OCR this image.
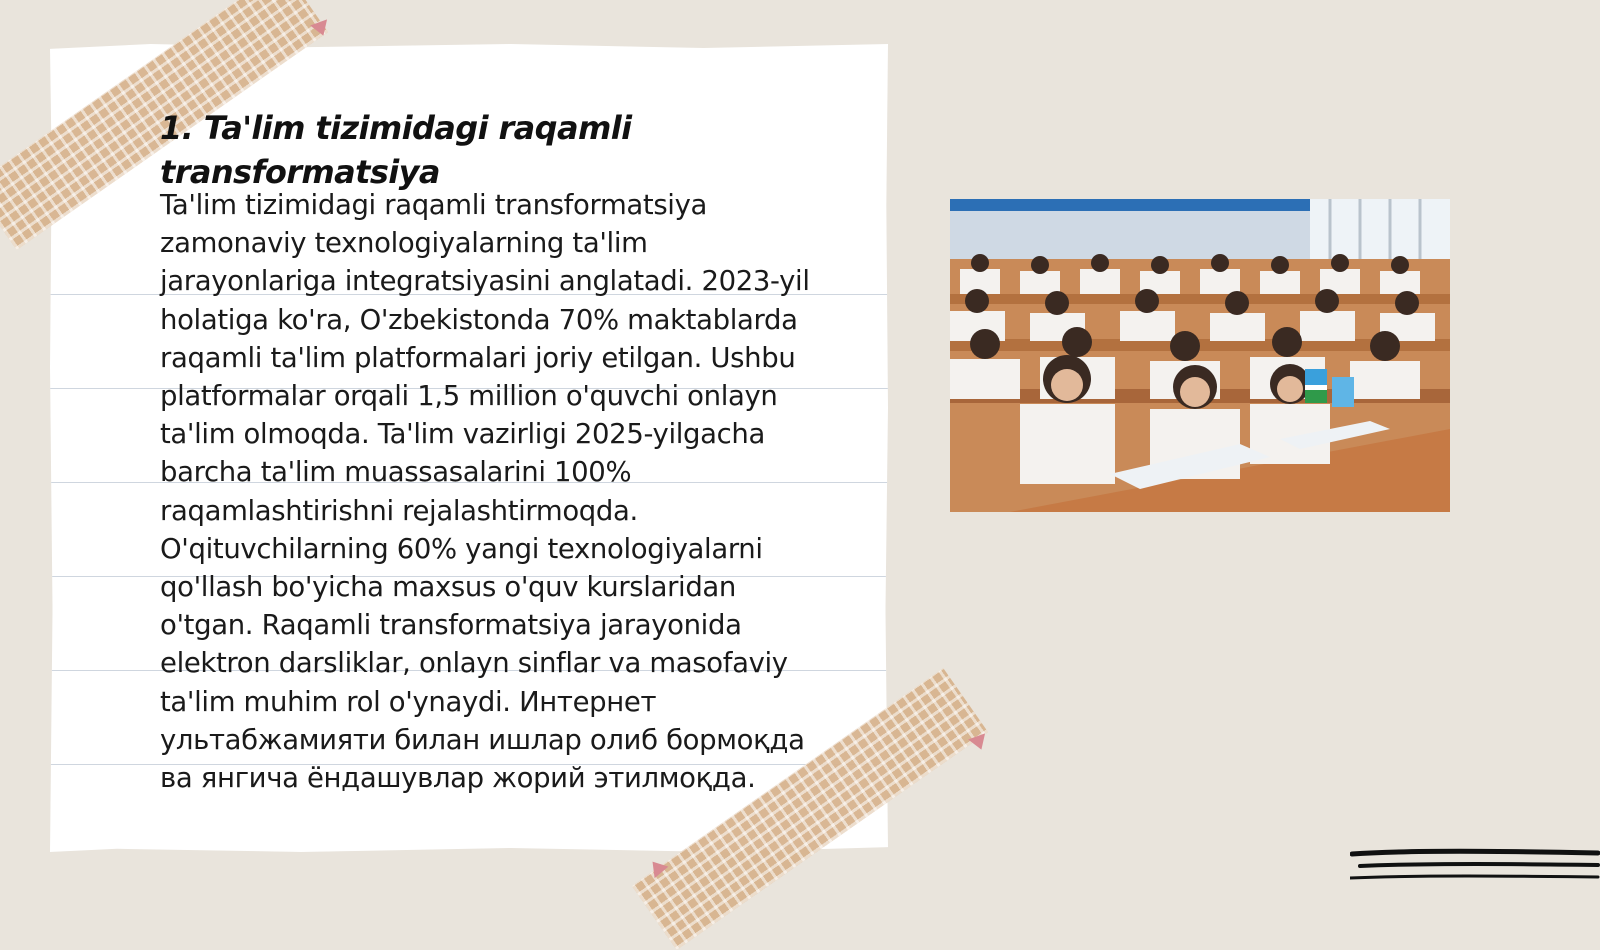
1. Ta'lim tizimidagi raqamli transformatsiya

Ta'lim tizimidagi raqamli transformatsiya zamonaviy texnologiyalarning ta'lim jarayonlariga integratsiyasini anglatadi. 2023-yil holatiga ko'ra, O'zbekistonda 70% maktablarda raqamli ta'lim platformalari joriy etilgan. Ushbu platformalar orqali 1,5 million o'quvchi onlayn ta'lim olmoqda. Ta'lim vazirligi 2025-yilgacha barcha ta'lim muassasalarini 100% raqamlashtirishni rejalashtirmoqda. O'qituvchilarning 60% yangi texnologiyalarni qo'llash bo'yicha maxsus o'quv kurslaridan o'tgan. Raqamli transformatsiya jarayonida elektron darsliklar, onlayn sinflar va masofaviy ta'lim muhim rol o'ynaydi. Интернет ультабжамияти билан ишлар олиб бормоқда ва янгича ёндашувлар жорий этилмоқда.
